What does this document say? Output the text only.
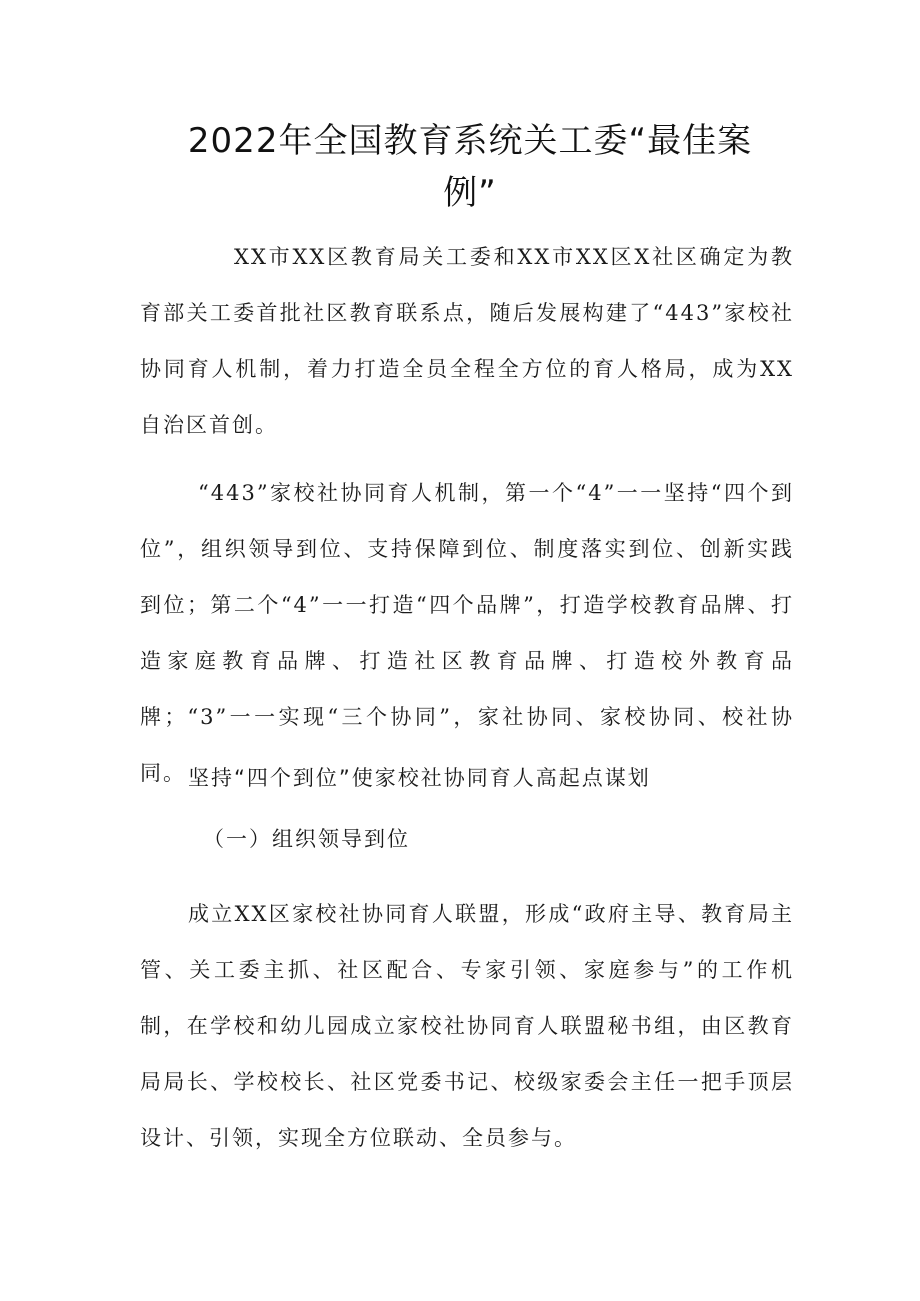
2022年全国教育系统关工委“最佳案
例”
XX市XX区教育局关工委和XX市XX区X社区确定为教育部关工委首批社区教育联系点，随后发展构建了“443”家校社协同育人机制，着力打造全员全程全方位的育人格局，成为XX自治区首创。
“443”家校社协同育人机制，第一个“4”一一坚持“四个到位”，组织领导到位、支持保障到位、制度落实到位、创新实践到位；第二个“4”一一打造“四个品牌”，打造学校教育品牌、打造家庭教育品牌、打造社区教育品牌、打造校外教育品牌；“3”一一实现“三个协同”，家社协同、家校协同、校社协同。 坚持“四个到位”使家校社协同育人高起点谋划
（一）组织领导到位
成立XX区家校社协同育人联盟，形成“政府主导、教育局主管、关工委主抓、社区配合、专家引领、家庭参与”的工作机制，在学校和幼儿园成立家校社协同育人联盟秘书组，由区教育局局长、学校校长、社区党委书记、校级家委会主任一把手顶层设计、引领，实现全方位联动、全员参与。
